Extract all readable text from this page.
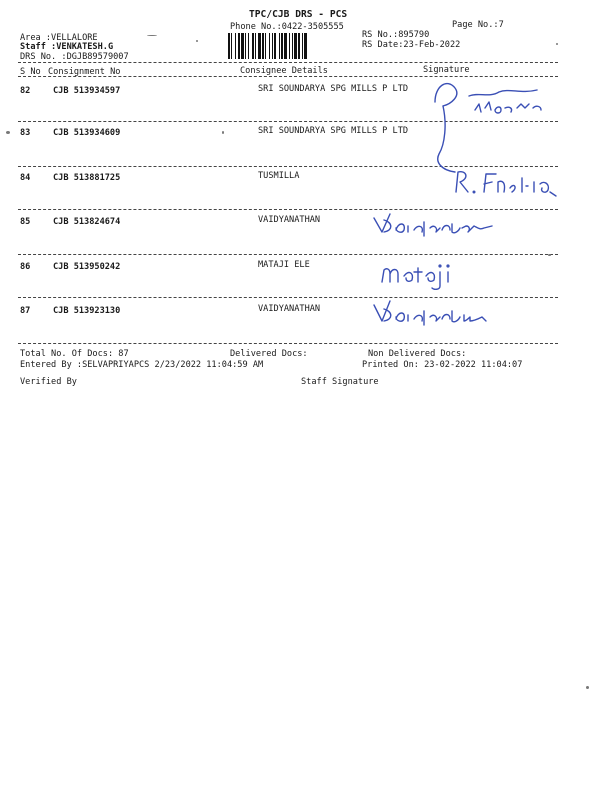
TPC/CJB DRS - PCS
Phone No.:0422-3505555	Page No.:7
Area :VELLALORE
Staff :VENKATESH.G
DRS No. :DGJB89579007
RS No.:895790
RS Date:23-Feb-2022
S No Consignment No	Consignee Details	Signature
82	CJB 513934597	SRI SOUNDARYA SPG MILLS P LTD
83	CJB 513934609	SRI SOUNDARYA SPG MILLS P LTD
84	CJB 513881725	TUSMILLA
85	CJB 513824674	VAIDYANATHAN
86	CJB 513950242	MATAJI ELE
87	CJB 513923130	VAIDYANATHAN
Total No. Of Docs: 87	Delivered Docs:	Non Delivered Docs:
Entered By :SELVAPRIYAPCS 2/23/2022 11:04:59 AM	Printed On: 23-02-2022 11:04:07
Verified By	Staff Signature
